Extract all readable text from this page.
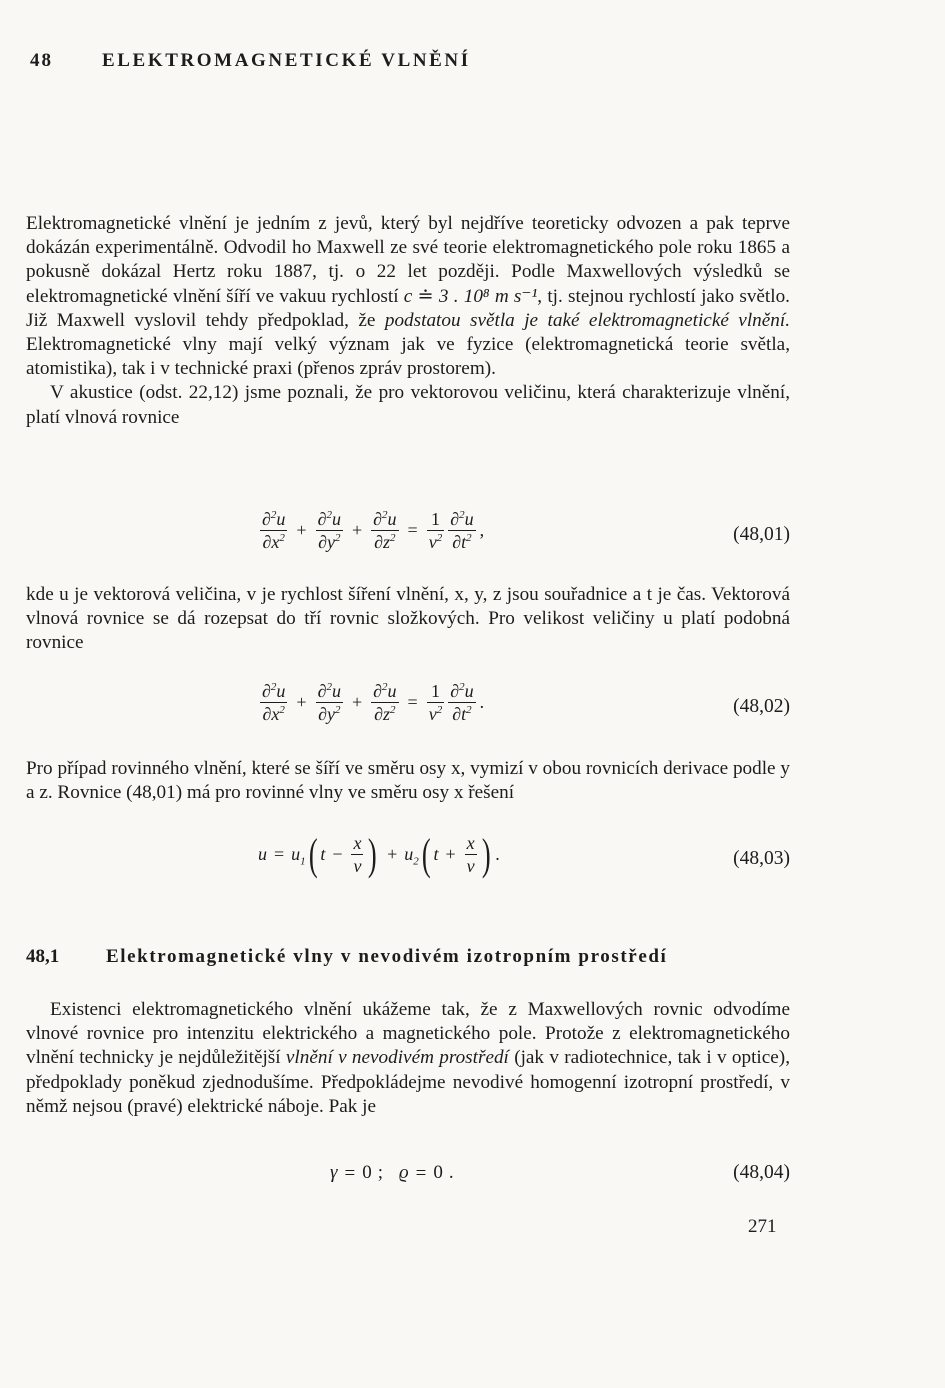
48	ELEKTROMAGNETICKÉ VLNĚNÍ

Elektromagnetické vlnění je jedním z jevů, který byl nejdříve teoreticky odvozen a pak teprve dokázán experimentálně. Odvodil ho Maxwell ze své teorie elektromagnetického pole roku 1865 a pokusně dokázal Hertz roku 1887, tj. o 22 let později. Podle Maxwellových výsledků se elektromagnetické vlnění šíří ve vakuu rychlostí c ≐ 3 . 10⁸ m s⁻¹, tj. stejnou rychlostí jako světlo. Již Maxwell vyslovil tehdy předpoklad, že podstatou světla je také elektromagnetické vlnění. Elektromagnetické vlny mají velký význam jak ve fyzice (elektromagnetická teorie světla, atomistika), tak i v technické praxi (přenos zpráv prostorem).

V akustice (odst. 22,12) jsme poznali, že pro vektorovou veličinu, která charakterizuje vlnění, platí vlnová rovnice

$\frac{\partial^2u}{\partial x^2} + \frac{\partial^2u}{\partial y^2} + \frac{\partial^2u}{\partial z^2} = \frac{1}{v^2} \frac{\partial^2u}{\partial t^2}$ ,	(48,01)

kde u je vektorová veličina, v je rychlost šíření vlnění, x, y, z jsou souřadnice a t je čas. Vektorová vlnová rovnice se dá rozepsat do tří rovnic složkových. Pro velikost veličiny u platí podobná rovnice

$\frac{\partial^2u}{\partial x^2} + \frac{\partial^2u}{\partial y^2} + \frac{\partial^2u}{\partial z^2} = \frac{1}{v^2} \frac{\partial^2u}{\partial t^2}$ .	(48,02)

Pro případ rovinného vlnění, které se šíří ve směru osy x, vymizí v obou rovnicích derivace podle y a z. Rovnice (48,01) má pro rovinné vlny ve směru osy x řešení

$u = u_1$( $t - \frac{x}{v}$ ) + $u_2$( $t + \frac{x}{v}$ ) .	(48,03)
48,1 Elektromagnetické vlny v nevodivém izotropním prostředí

Existenci elektromagnetického vlnění ukážeme tak, že z Maxwellových rovnic odvodíme vlnové rovnice pro intenzitu elektrického a magnetického pole. Protože z elektromagnetického vlnění technicky je nejdůležitější vlnění v nevodivém prostředí (jak v radiotechnice, tak i v optice), předpoklady poněkud zjednodušíme. Předpokládejme nevodivé homogenní izotropní prostředí, v němž nejsou (pravé) elektrické náboje. Pak je

γ = 0 ; ϱ = 0 .	(48,04)
271
